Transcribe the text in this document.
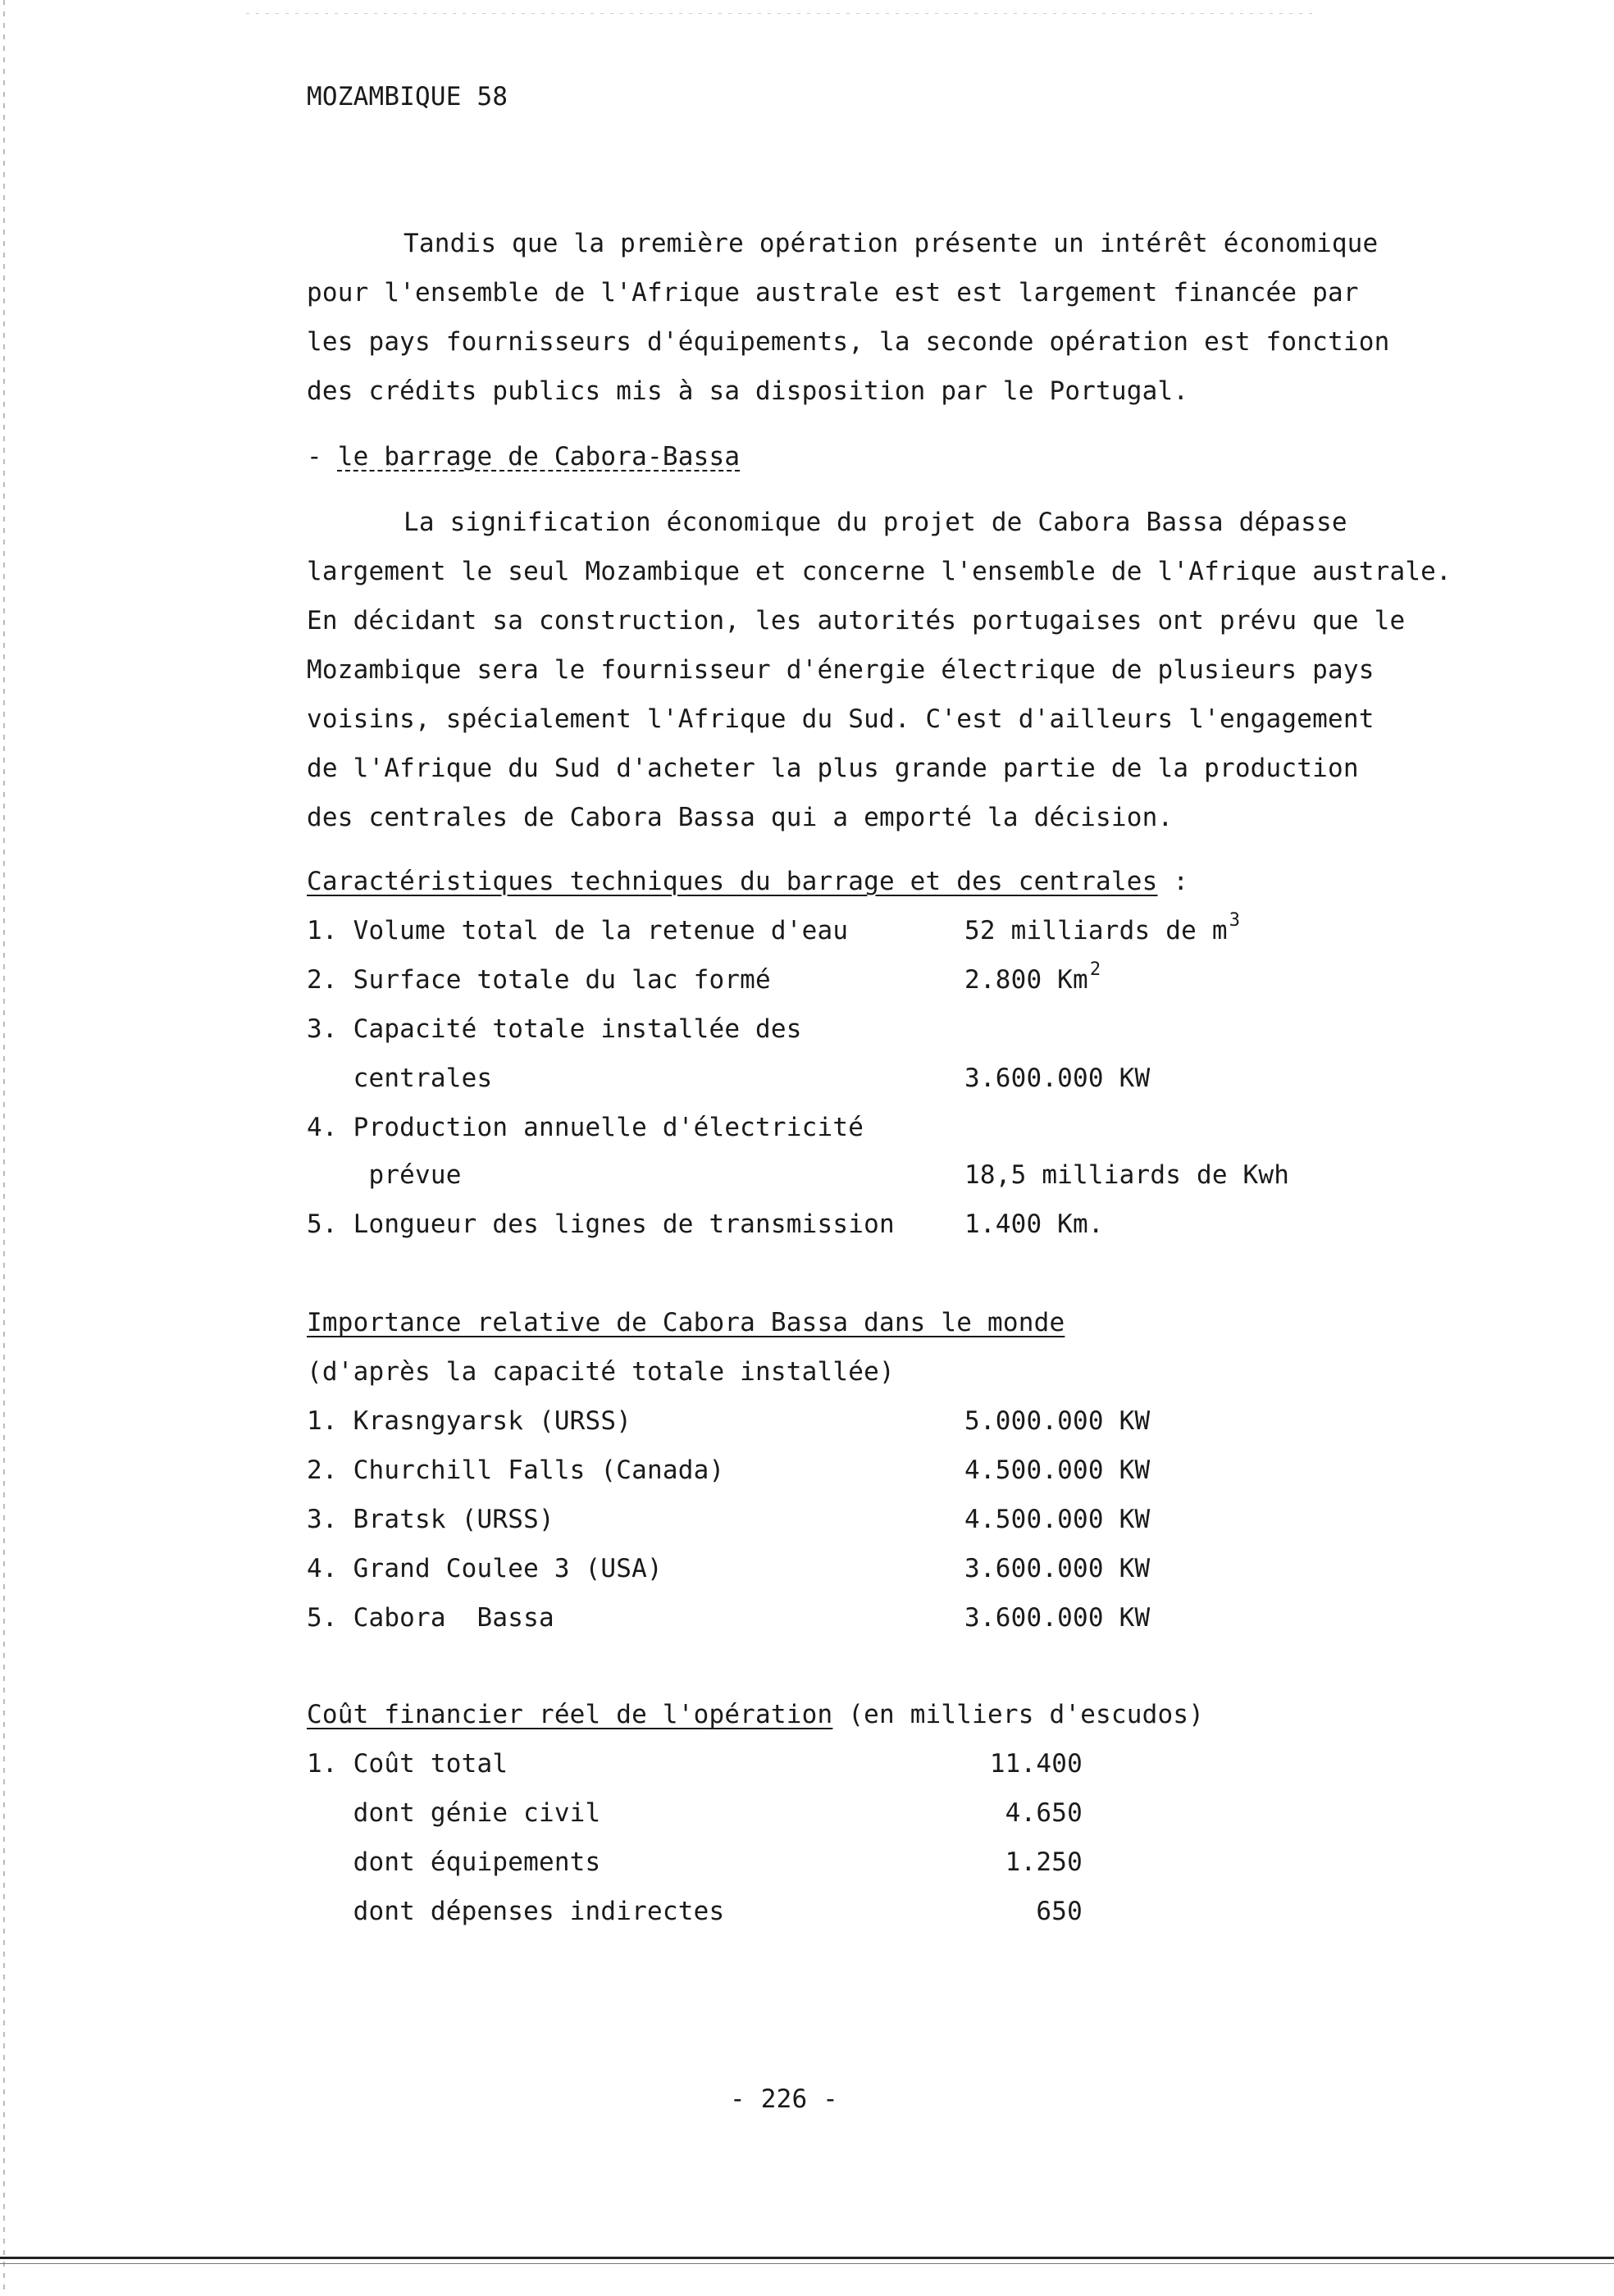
MOZAMBIQUE 58
Tandis que la première opération présente un intérêt économique
pour l'ensemble de l'Afrique australe est est largement financée par
les pays fournisseurs d'équipements, la seconde opération est fonction
des crédits publics mis à sa disposition par le Portugal.
- le barrage de Cabora-Bassa
La signification économique du projet de Cabora Bassa dépasse
largement le seul Mozambique et concerne l'ensemble de l'Afrique australe.
En décidant sa construction, les autorités portugaises ont prévu que le
Mozambique sera le fournisseur d'énergie électrique de plusieurs pays
voisins, spécialement l'Afrique du Sud. C'est d'ailleurs l'engagement
de l'Afrique du Sud d'acheter la plus grande partie de la production
des centrales de Cabora Bassa qui a emporté la décision.
Caractéristiques techniques du barrage et des centrales :
1. Volume total de la retenue d'eau	52 milliards de $m^3$
2. Surface totale du lac formé	2.800 Km$^2$
3. Capacité totale installée des
centrales	3.600.000 KW
4. Production annuelle d'électricité
prévue	18,5 milliards de Kwh
5. Longueur des lignes de transmission	1.400 Km.
Importance relative de Cabora Bassa dans le monde
(d'après la capacité totale installée)
1. Krasngyarsk (URSS)	5.000.000 KW
2. Churchill Falls (Canada)	4.500.000 KW
3. Bratsk (URSS)	4.500.000 KW
4. Grand Coulee 3 (USA)	3.600.000 KW
5. Cabora  Bassa	3.600.000 KW
Coût financier réel de l'opération (en milliers d'escudos)
1. Coût total	11.400
dont génie civil	4.650
dont équipements	1.250
dont dépenses indirectes	650
- 226 -
